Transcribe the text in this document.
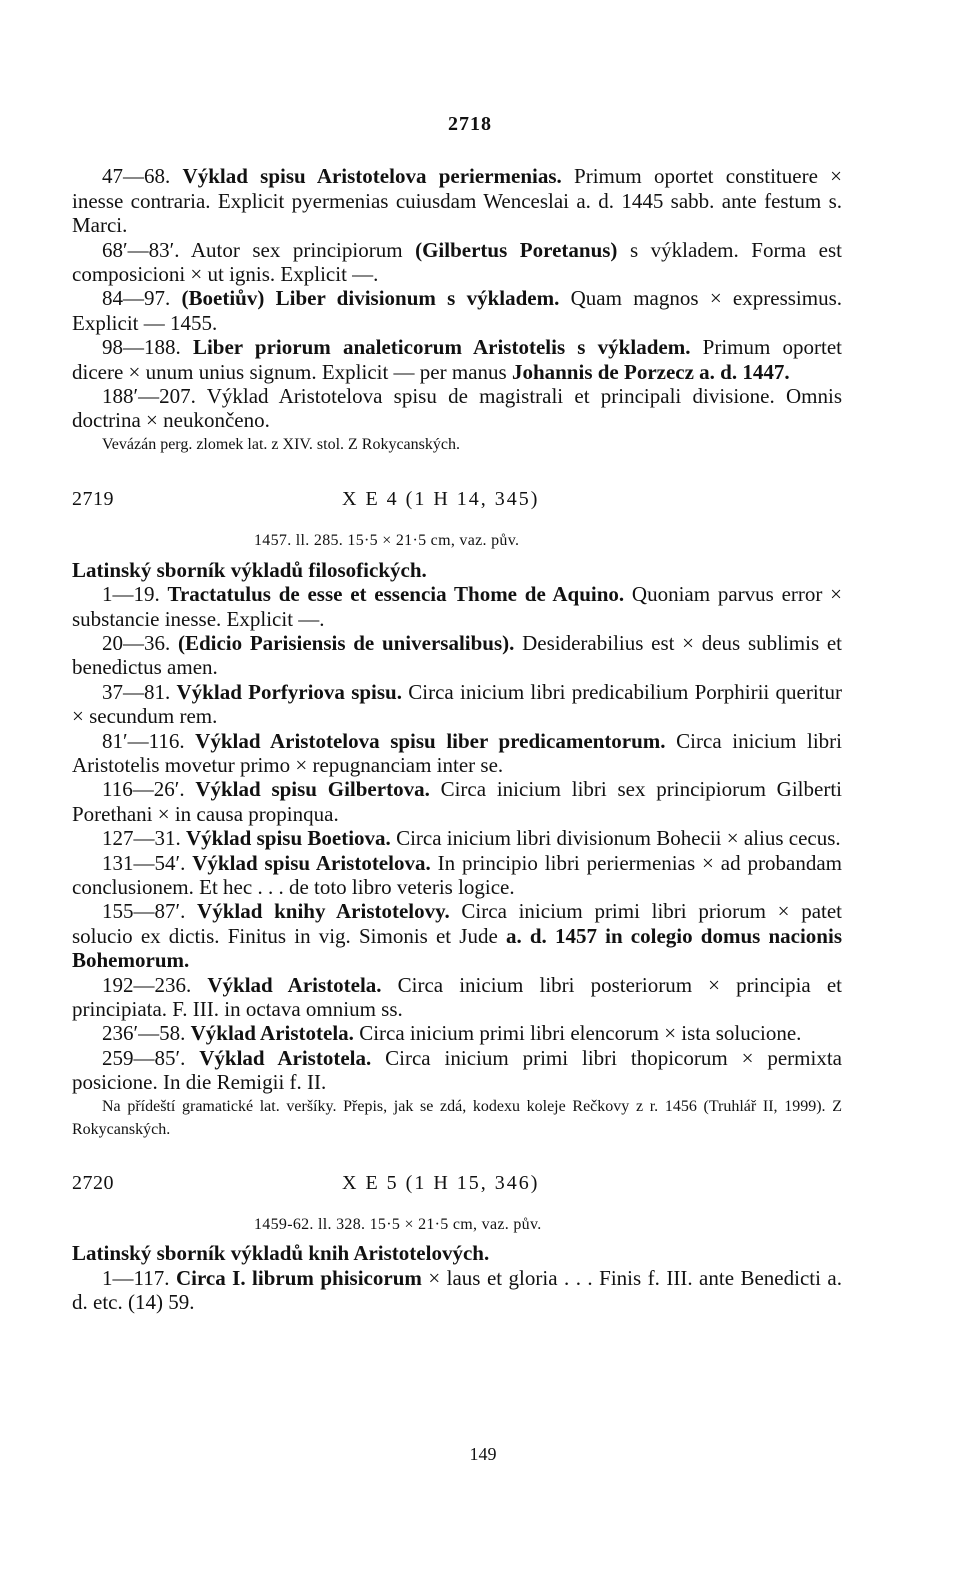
2718

47—68. Výklad spisu Aristotelova periermenias. Primum oportet constituere × inesse contraria. Explicit pyermenias cuiusdam Wenceslai a. d. 1445 sabb. ante festum s. Marci.

68′—83′. Autor sex principiorum (Gilbertus Poretanus) s výkladem. Forma est composicioni × ut ignis. Explicit —.

84—97. (Boetiův) Liber divisionum s výkladem. Quam magnos × expressimus. Explicit — 1455.

98—188. Liber priorum analeticorum Aristotelis s výkladem. Primum oportet dicere × unum unius signum. Explicit — per manus Johannis de Porzecz a. d. 1447.

188′—207. Výklad Aristotelova spisu de magistrali et principali divisione. Omnis doctrina × neukončeno.

Vevázán perg. zlomek lat. z XIV. stol. Z Rokycanských.

2719	X E 4 (1 H 14, 345)
1457. ll. 285. 15·5 × 21·5 cm, vaz. pův.

Latinský sborník výkladů filosofických.

1—19. Tractatulus de esse et essencia Thome de Aquino. Quoniam parvus error × substancie inesse. Explicit —.

20—36. (Edicio Parisiensis de universalibus). Desiderabilius est × deus sublimis et benedictus amen.

37—81. Výklad Porfyriova spisu. Circa inicium libri predicabilium Porphirii queritur × secundum rem.

81′—116. Výklad Aristotelova spisu liber predicamentorum. Circa inicium libri Aristotelis movetur primo × repugnanciam inter se.

116—26′. Výklad spisu Gilbertova. Circa inicium libri sex principiorum Gilberti Porethani × in causa propinqua.

127—31. Výklad spisu Boetiova. Circa inicium libri divisionum Bohecii × alius cecus.

131—54′. Výklad spisu Aristotelova. In principio libri periermenias × ad probandam conclusionem. Et hec . . . de toto libro veteris logice.

155—87′. Výklad knihy Aristotelovy. Circa inicium primi libri priorum × patet solucio ex dictis. Finitus in vig. Simonis et Jude a. d. 1457 in colegio domus nacionis Bohemorum.

192—236. Výklad Aristotela. Circa inicium libri posteriorum × principia et principiata. F. III. in octava omnium ss.

236′—58. Výklad Aristotela. Circa inicium primi libri elencorum × ista solucione.

259—85′. Výklad Aristotela. Circa inicium primi libri thopicorum × permixta posicione. In die Remigii f. II.

Na přídeští gramatické lat. veršíky. Přepis, jak se zdá, kodexu koleje Rečkovy z r. 1456 (Truhlář II, 1999). Z Rokycanských.

2720	X E 5 (1 H 15, 346)
1459-62. ll. 328. 15·5 × 21·5 cm, vaz. pův.

Latinský sborník výkladů knih Aristotelových.

1—117. Circa I. librum phisicorum × laus et gloria . . . Finis f. III. ante Benedicti a. d. etc. (14) 59.

149
